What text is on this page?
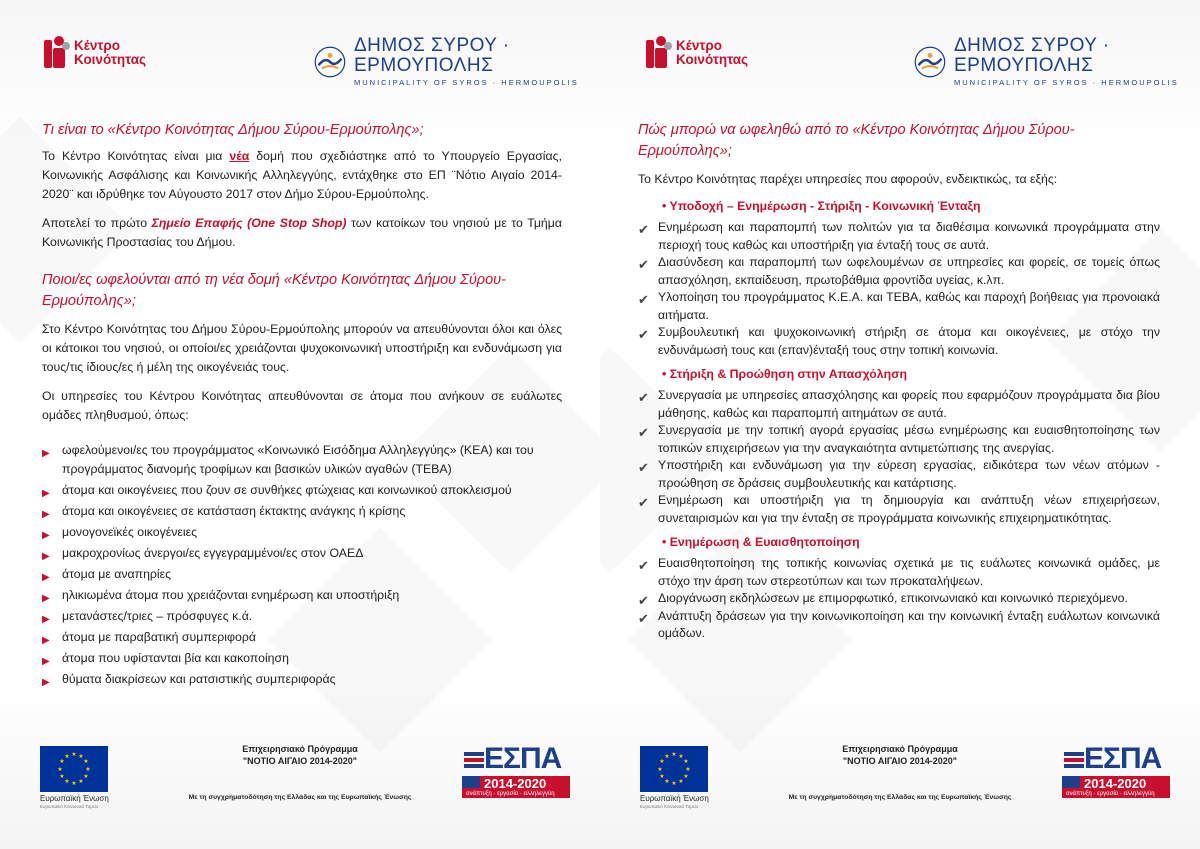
Κέντρο
Κοινότητας
ΔΗΜΟΣ ΣΥΡΟΥ · ΕΡΜΟΥΠΟΛΗΣ
MUNICIPALITY OF SYROS · HERMOUPOLIS
Τι είναι το «Κέντρο Κοινότητας Δήμου Σύρου-Ερμούπολης»;

Το Κέντρο Κοινότητας είναι μια νέα δομή που σχεδιάστηκε από το Υπουργείο Εργασίας, Κοινωνικής Ασφάλισης και Κοινωνικής Αλληλεγγύης, εντάχθηκε στο ΕΠ ¨Νότιο Αιγαίο 2014-2020¨ και ιδρύθηκε τον Αύγουστο 2017 στον Δήμο Σύρου-Ερμούπολης.

Αποτελεί το πρώτο Σημείο Επαφής (One Stop Shop) των κατοίκων του νησιού με το Τμήμα Κοινωνικής Προστασίας του Δήμου.

Ποιοι/ες ωφελούνται από τη νέα δομή «Κέντρο Κοινότητας Δήμου Σύρου-Ερμούπολης»;

Στο Κέντρο Κοινότητας του Δήμου Σύρου-Ερμούπολης μπορούν να απευθύνονται όλοι και όλες οι κάτοικοι του νησιού, οι οποίοι/ες χρειάζονται ψυχοκοινωνική υποστήριξη και ενδυνάμωση για τους/τις ίδιους/ες ή μέλη της οικογένειάς τους.

Οι υπηρεσίες του Κέντρου Κοινότητας απευθύνονται σε άτομα που ανήκουν σε ευάλωτες ομάδες πληθυσμού, όπως:

▶ ωφελούμενοι/ες του προγράμματος «Κοινωνικό Εισόδημα Αλληλεγγύης» (ΚΕΑ) και του προγράμματος διανομής τροφίμων και βασικών υλικών αγαθών (ΤΕΒΑ)
▶ άτομα και οικογένειες που ζουν σε συνθήκες φτώχειας και κοινωνικού αποκλεισμού
▶ άτομα και οικογένειες σε κατάσταση έκτακτης ανάγκης ή κρίσης
▶ μονογονεϊκές οικογένειες
▶ μακροχρονίως άνεργοι/ες εγγεγραμμένοι/ες στον ΟΑΕΔ
▶ άτομα με αναπηρίες
▶ ηλικιωμένα άτομα που χρειάζονται ενημέρωση και υποστήριξη
▶ μετανάστες/τριες – πρόσφυγες κ.ά.
▶ άτομα με παραβατική συμπεριφορά
▶ άτομα που υφίστανται βία και κακοποίηση
▶ θύματα διακρίσεων και ρατσιστικής συμπεριφοράς
★ ★
★
★
★
★
★
★
★
★
★
★
Ευρωπαϊκή Ένωση
Ευρωπαϊκό Κοινωνικό Ταμείο
Επιχειρησιακό Πρόγραμμα
"ΝΟΤΙΟ ΑΙΓΑΙΟ 2014-2020"
Με τη συγχρηματοδότηση της Ελλάδας και της Ευρωπαϊκής Ένωσης
ΕΣΠΑ
2014-2020
ανάπτυξη · εργασία · αλληλεγγύη
Κέντρο
Κοινότητας
ΔΗΜΟΣ ΣΥΡΟΥ · ΕΡΜΟΥΠΟΛΗΣ
MUNICIPALITY OF SYROS · HERMOUPOLIS
Πώς μπορώ να ωφεληθώ από το «Κέντρο Κοινότητας Δήμου Σύρου-Ερμούπολης»;

Το Κέντρο Κοινότητας παρέχει υπηρεσίες που αφορούν, ενδεικτικώς, τα εξής:

• Υποδοχή – Ενημέρωση - Στήριξη - Κοινωνική Ένταξη
✔ Ενημέρωση και παραπομπή των πολιτών για τα διαθέσιμα κοινωνικά προγράμματα στην περιοχή τους καθώς και υποστήριξη για ένταξή τους σε αυτά.
✔ Διασύνδεση και παραπομπή των ωφελουμένων σε υπηρεσίες και φορείς, σε τομείς όπως απασχόληση, εκπαίδευση, πρωτοβάθμια φροντίδα υγείας, κ.λπ.
✔ Υλοποίηση του προγράμματος Κ.Ε.Α. και ΤΕΒΑ, καθώς και παροχή βοήθειας για προνοιακά αιτήματα.
✔ Συμβουλευτική και ψυχοκοινωνική στήριξη σε άτομα και οικογένειες, με στόχο την ενδυνάμωσή τους και (επαν)ένταξή τους στην τοπική κοινωνία.
• Στήριξη & Προώθηση στην Απασχόληση
✔ Συνεργασία με υπηρεσίες απασχόλησης και φορείς που εφαρμόζουν προγράμματα δια βίου μάθησης, καθώς και παραπομπή αιτημάτων σε αυτά.
✔ Συνεργασία με την τοπική αγορά εργασίας μέσω ενημέρωσης και ευαισθητοποίησης των τοπικών επιχειρήσεων για την αναγκαιότητα αντιμετώπισης της ανεργίας.
✔ Υποστήριξη και ενδυνάμωση για την εύρεση εργασίας, ειδικότερα των νέων ατόμων - προώθηση σε δράσεις συμβουλευτικής και κατάρτισης.
✔ Ενημέρωση και υποστήριξη για τη δημιουργία και ανάπτυξη νέων επιχειρήσεων, συνεταιρισμών και για την ένταξη σε προγράμματα κοινωνικής επιχειρηματικότητας.
• Ενημέρωση & Ευαισθητοποίηση
✔ Ευαισθητοποίηση της τοπικής κοινωνίας σχετικά με τις ευάλωτες κοινωνικά ομάδες, με στόχο την άρση των στερεοτύπων και των προκαταλήψεων.
✔ Διοργάνωση εκδηλώσεων με επιμορφωτικό, επικοινωνιακό και κοινωνικό περιεχόμενο.
✔ Ανάπτυξη δράσεων για την κοινωνικοποίηση και την κοινωνική ένταξη ευάλωτων κοινωνικά ομάδων.
★ ★
★
★
★
★
★
★
★
★
★
★
Ευρωπαϊκή Ένωση
Ευρωπαϊκό Κοινωνικό Ταμείο
Επιχειρησιακό Πρόγραμμα
"ΝΟΤΙΟ ΑΙΓΑΙΟ 2014-2020"
Με τη συγχρηματοδότηση της Ελλάδας και της Ευρωπαϊκής Ένωσης
ΕΣΠΑ
2014-2020
ανάπτυξη · εργασία · αλληλεγγύη
